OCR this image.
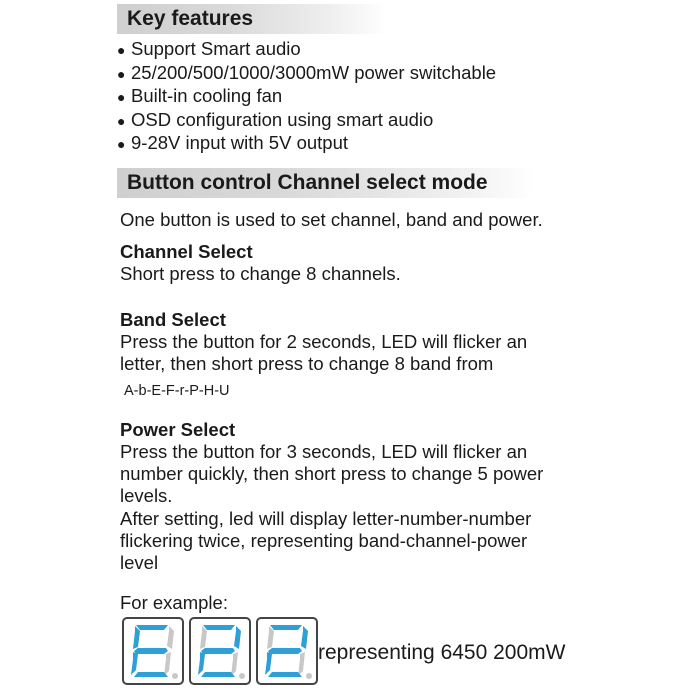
Key features
● Support Smart audio
● 25/200/500/1000/3000mW power switchable
● Built-in cooling fan
● OSD configuration using smart audio
● 9-28V input with 5V output
Button control Channel select mode
One button is used to set channel, band and power.
Channel Select
Short press to change 8 channels.
Band Select
Press the button for 2 seconds, LED will flicker an
letter, then short press to change 8 band from
A-b-E-F-r-P-H-U
Power Select
Press the button for 3 seconds, LED will flicker an
number quickly, then short press to change 5 power
levels.
After setting, led will display letter-number-number
flickering twice, representing band-channel-power
level
For example:
representing 6450 200mW
